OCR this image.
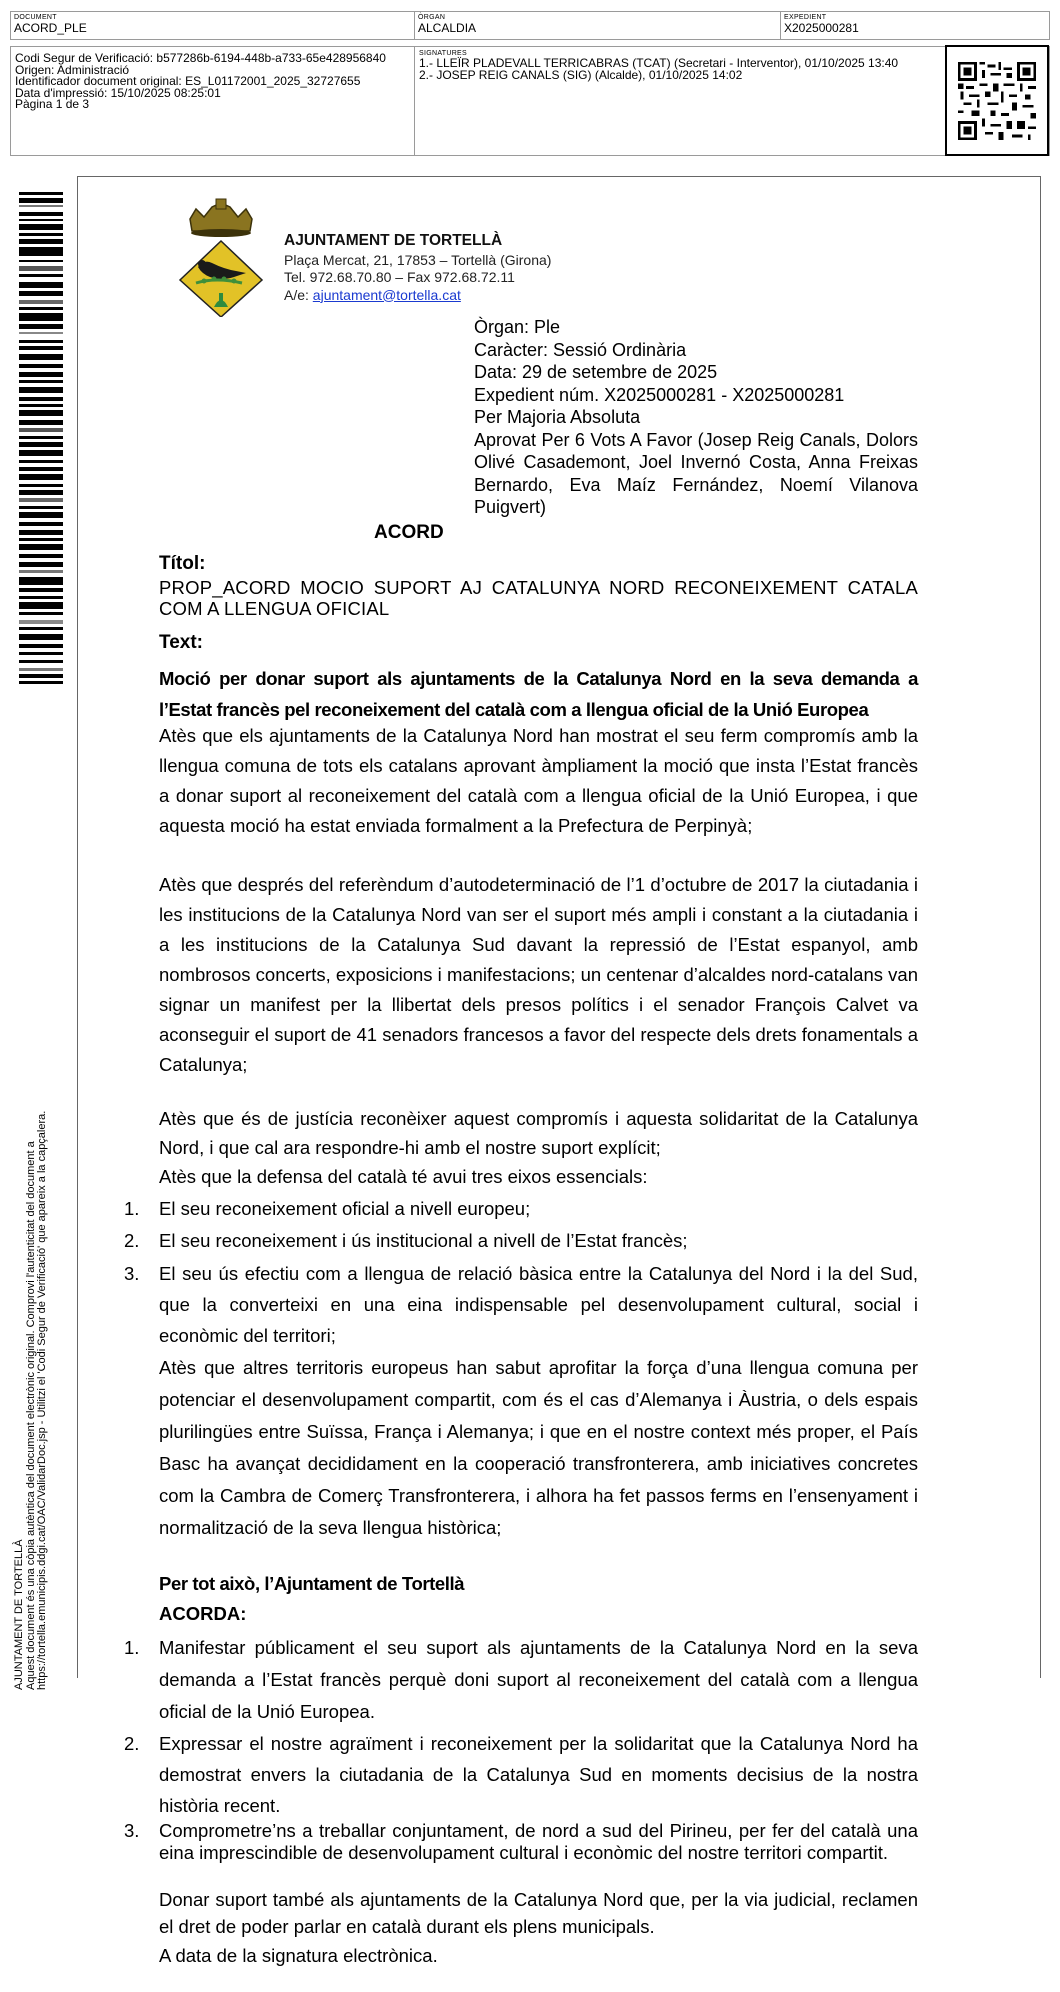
DOCUMENT
ACORD_PLE
ÒRGAN
ALCALDIA
EXPEDIENT
X2025000281
Codi Segur de Verificació: b577286b-6194-448b-a733-65e428956840
Origen: Administració
Identificador document original: ES_L01172001_2025_32727655
Data d'impressió: 15/10/2025 08:25:01
Pàgina 1 de 3
SIGNATURES
1.- LLEÏR PLADEVALL TERRICABRAS (TCAT) (Secretari - Interventor), 01/10/2025 13:40
2.- JOSEP REIG CANALS (SIG) (Alcalde), 01/10/2025 14:02
AJUNTAMENT DE TORTELLÀ Aquest document és una còpia autèntica del document electrònic original. Comprovi l'autenticitat del document a https://tortella.emunicipis.ddgi.cat/OAC/ValidarDoc.jsp - Utilitzi el 'Codi Segur de Verificació' que apareix a la capçalera.
AJUNTAMENT DE TORTELLÀ
Plaça Mercat, 21, 17853 – Tortellà (Girona)
Tel. 972.68.70.80 – Fax 972.68.72.11
A/e: ajuntament@tortella.cat
Òrgan: Ple
Caràcter: Sessió Ordinària
Data: 29 de setembre de 2025
Expedient núm. X2025000281 - X2025000281
Per Majoria Absoluta
Aprovat Per 6 Vots A Favor (Josep Reig Canals, Dolors Olivé Casademont, Joel Invernó Costa, Anna Freixas Bernardo, Eva Maíz Fernández, Noemí Vilanova Puigvert)
ACORD
Títol:
PROP_ACORD MOCIO SUPORT AJ CATALUNYA NORD RECONEIXEMENT CATALA COM A LLENGUA OFICIAL
Text:
Moció per donar suport als ajuntaments de la Catalunya Nord en la seva demanda a l’Estat francès pel reconeixement del català com a llengua oficial de la Unió Europea
Atès que els ajuntaments de la Catalunya Nord han mostrat el seu ferm compromís amb la llengua comuna de tots els catalans aprovant àmpliament la moció que insta l’Estat francès a donar suport al reconeixement del català com a llengua oficial de la Unió Europea, i que aquesta moció ha estat enviada formalment a la Prefectura de Perpinyà;
Atès que després del referèndum d’autodeterminació de l’1 d’octubre de 2017 la ciutadania i les institucions de la Catalunya Nord van ser el suport més ampli i constant a la ciutadania i a les institucions de la Catalunya Sud davant la repressió de l’Estat espanyol, amb nombrosos concerts, exposicions i manifestacions; un centenar d’alcaldes nord-catalans van signar un manifest per la llibertat dels presos polítics i el senador François Calvet va aconseguir el suport de 41 senadors francesos a favor del respecte dels drets fonamentals a Catalunya;
Atès que és de justícia reconèixer aquest compromís i aquesta solidaritat de la Catalunya Nord, i que cal ara respondre-hi amb el nostre suport explícit;
Atès que la defensa del català té avui tres eixos essencials:
1. El seu reconeixement oficial a nivell europeu;
2. El seu reconeixement i ús institucional a nivell de l’Estat francès;
3. El seu ús efectiu com a llengua de relació bàsica entre la Catalunya del Nord i la del Sud, que la converteixi en una eina indispensable pel desenvolupament cultural, social i econòmic del territori;
Atès que altres territoris europeus han sabut aprofitar la força d’una llengua comuna per potenciar el desenvolupament compartit, com és el cas d’Alemanya i Àustria, o dels espais plurilingües entre Suïssa, França i Alemanya; i que en el nostre context més proper, el País Basc ha avançat decididament en la cooperació transfronterera, amb iniciatives concretes com la Cambra de Comerç Transfronterera, i alhora ha fet passos ferms en l’ensenyament i normalització de la seva llengua històrica;
Per tot això, l’Ajuntament de Tortellà
ACORDA:
1. Manifestar públicament el seu suport als ajuntaments de la Catalunya Nord en la seva demanda a l’Estat francès perquè doni suport al reconeixement del català com a llengua oficial de la Unió Europea.
2. Expressar el nostre agraïment i reconeixement per la solidaritat que la Catalunya Nord ha demostrat envers la ciutadania de la Catalunya Sud en moments decisius de la nostra història recent.
3. Comprometre’ns a treballar conjuntament, de nord a sud del Pirineu, per fer del català una eina imprescindible de desenvolupament cultural i econòmic del nostre territori compartit.
Donar suport també als ajuntaments de la Catalunya Nord que, per la via judicial, reclamen el dret de poder parlar en català durant els plens municipals.
A data de la signatura electrònica.
